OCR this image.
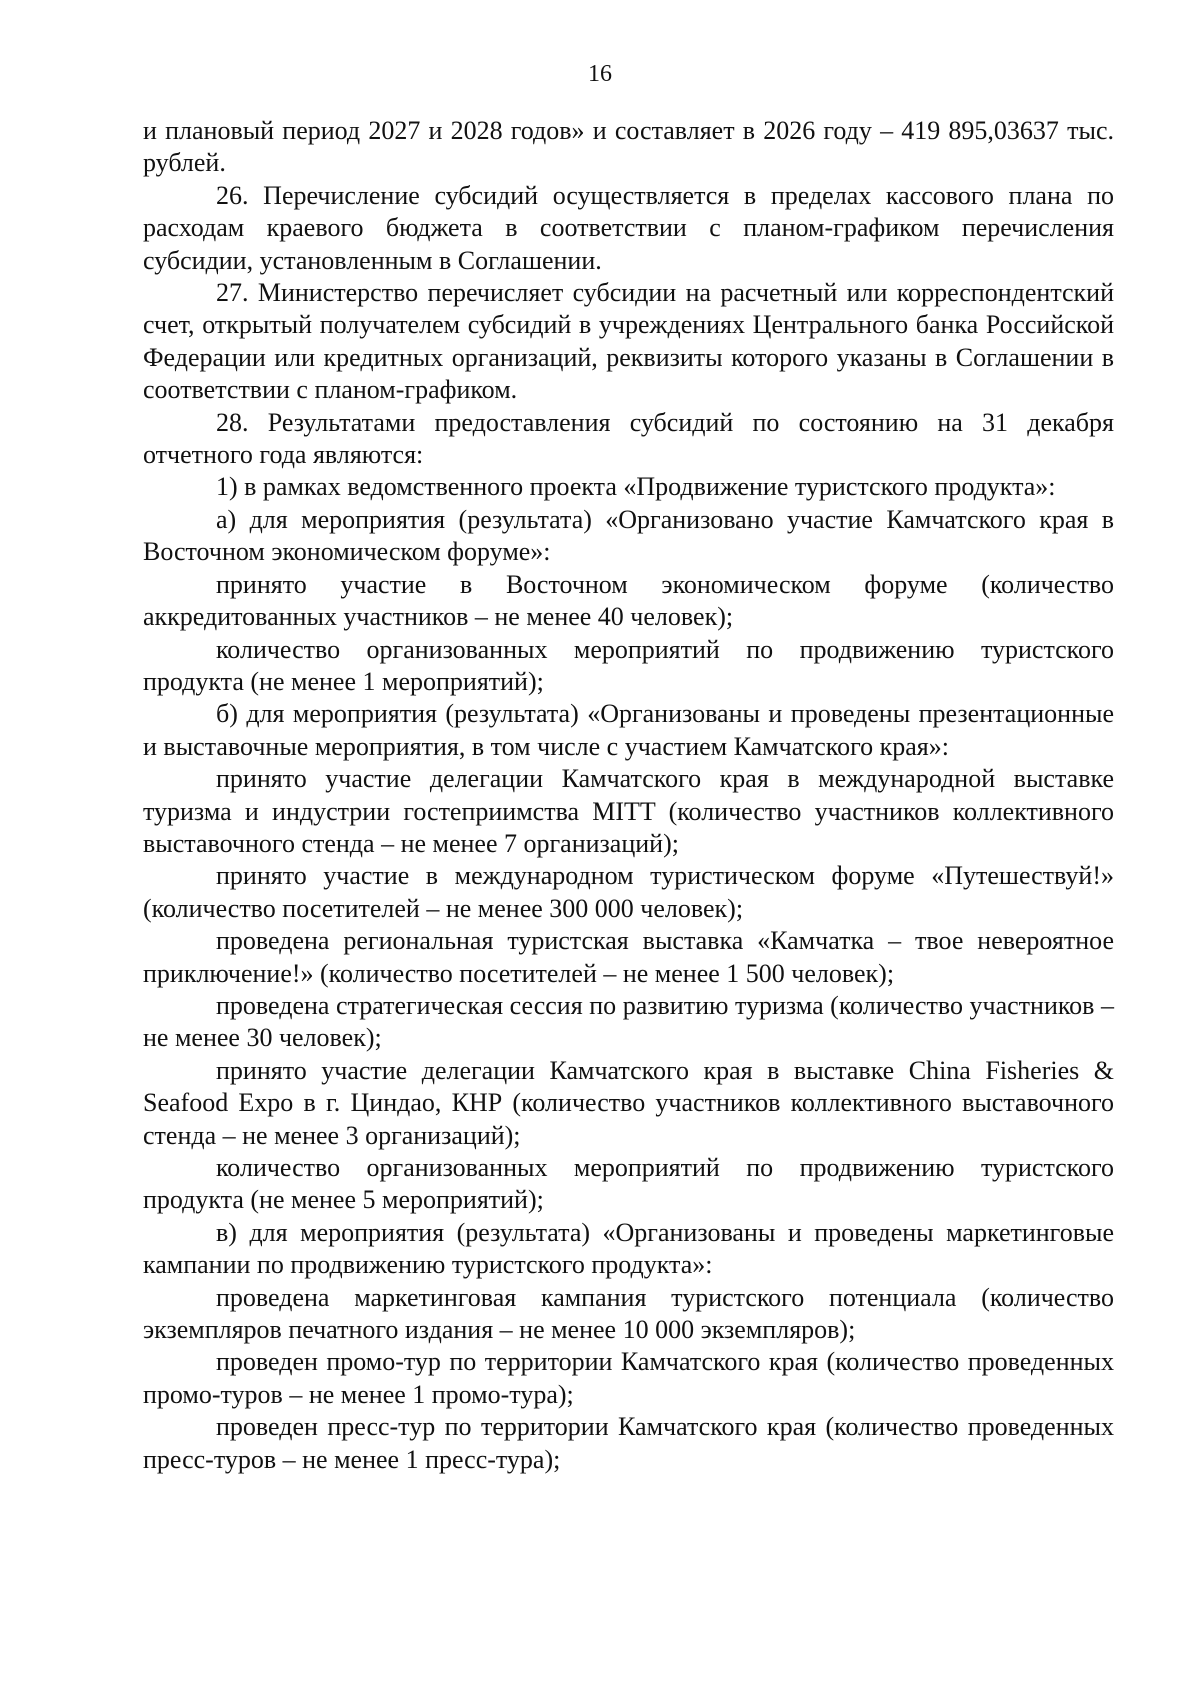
16

и плановый период 2027 и 2028 годов» и составляет в 2026 году – 419 895,03637 тыс. рублей.

26. Перечисление субсидий осуществляется в пределах кассового плана по расходам краевого бюджета в соответствии с планом-графиком перечисления субсидии, установленным в Соглашении.

27. Министерство перечисляет субсидии на расчетный или корреспондентский счет, открытый получателем субсидий в учреждениях Центрального банка Российской Федерации или кредитных организаций, реквизиты которого указаны в Соглашении в соответствии с планом-графиком.

28. Результатами предоставления субсидий по состоянию на 31 декабря отчетного года являются:

1) в рамках ведомственного проекта «Продвижение туристского продукта»:

а) для мероприятия (результата) «Организовано участие Камчатского края в Восточном экономическом форуме»:

принято участие в Восточном экономическом форуме (количество аккредитованных участников – не менее 40 человек);

количество организованных мероприятий по продвижению туристского продукта (не менее 1 мероприятий);

б) для мероприятия (результата) «Организованы и проведены презентационные и выставочные мероприятия, в том числе с участием Камчатского края»:

принято участие делегации Камчатского края в международной выставке туризма и индустрии гостеприимства MITT (количество участников коллективного выставочного стенда – не менее 7 организаций);

принято участие в международном туристическом форуме «Путешествуй!» (количество посетителей – не менее 300 000 человек);

проведена региональная туристская выставка «Камчатка – твое невероятное приключение!» (количество посетителей – не менее 1 500 человек);

проведена стратегическая сессия по развитию туризма (количество участников – не менее 30 человек);

принято участие делегации Камчатского края в выставке China Fisheries & Seafood Expo в г. Циндао, КНР (количество участников коллективного выставочного стенда – не менее 3 организаций);

количество организованных мероприятий по продвижению туристского продукта (не менее 5 мероприятий);

в) для мероприятия (результата) «Организованы и проведены маркетинговые кампании по продвижению туристского продукта»:

проведена маркетинговая кампания туристского потенциала (количество экземпляров печатного издания – не менее 10 000 экземпляров);

проведен промо-тур по территории Камчатского края (количество проведенных промо-туров – не менее 1 промо-тура);

проведен пресс-тур по территории Камчатского края (количество проведенных пресс-туров – не менее 1 пресс-тура);
